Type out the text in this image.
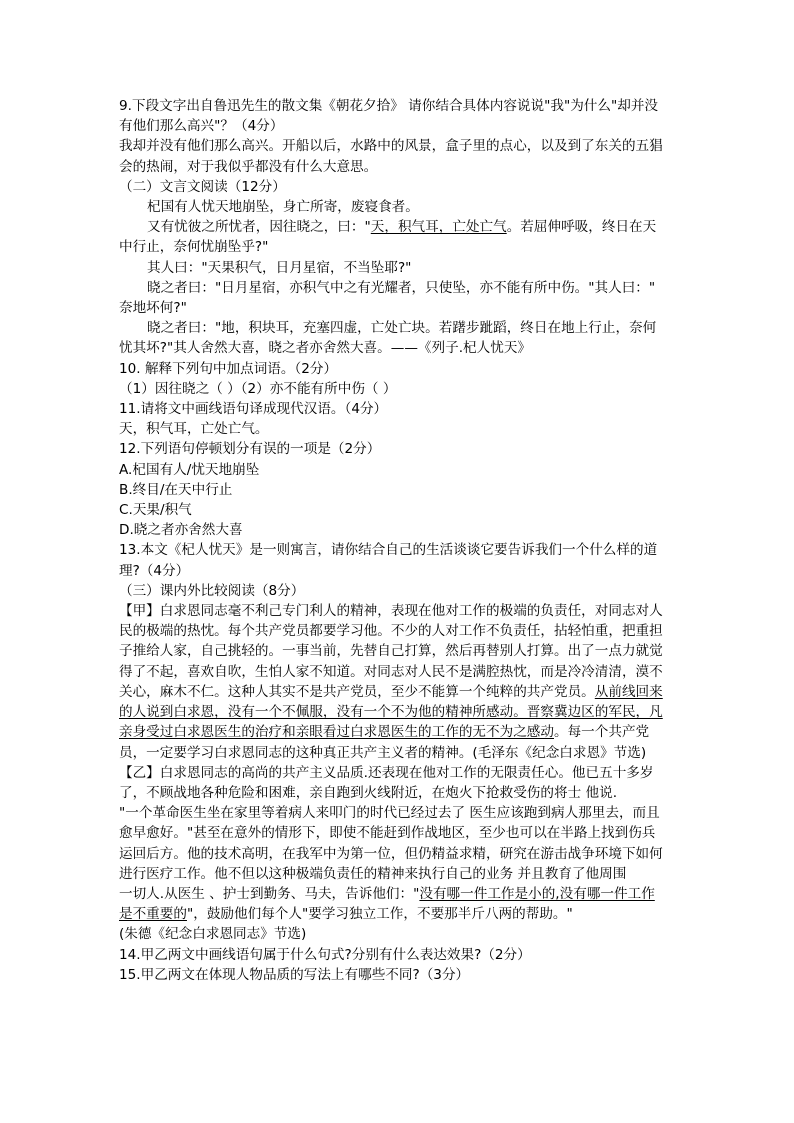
9.下段文字出自鲁迅先生的散文集《朝花夕拾》 请你结合具体内容说说"我"为什么"却并没

有他们那么高兴"？（4分）

我却并没有他们那么高兴。开船以后，水路中的风景，盒子里的点心，以及到了东关的五猖

会的热闹，对于我似乎都没有什么大意思。

（二）文言文阅读（12分）

杞国有人忧天地崩坠，身亡所寄，废寝食者。

又有忧彼之所忧者，因往晓之，曰："天，积气耳，亡处亡气。若屈伸呼吸，终日在天

中行止，奈何忧崩坠乎?"

其人曰："天果积气，日月星宿，不当坠耶?"

晓之者曰："日月星宿，亦积气中之有光耀者，只使坠，亦不能有所中伤。"其人曰："

奈地坏何?"

晓之者曰："地，积块耳，充塞四虚，亡处亡块。若躇步跐蹈，终日在地上行止，奈何

忧其坏?"其人舍然大喜，晓之者亦舍然大喜。——《列子.杞人忧天》

10. 解释下列句中加点词语。（2分）

（1）因往晓之（ ）（2）亦不能有所中伤（ ）

11.请将文中画线语句译成现代汉语。（4分）

天，积气耳，亡处亡气。

12.下列语句停顿划分有误的一项是（2分）

A.杞国有人/忧天地崩坠

B.终目/在天中行止

C.天果/积气

D.晓之者亦舍然大喜

13.本文《杞人忧天》是一则寓言，请你结合自己的生活谈谈它要告诉我们一个什么样的道

理?（4分）

（三）课内外比较阅读（8分）

【甲】白求恩同志毫不利己专门利人的精神，表现在他对工作的极端的负责任，对同志对人

民的极端的热忱。每个共产党员都要学习他。不少的人对工作不负责任，拈轻怕重，把重担

子推给人家，自己挑轻的。一事当前，先替自己打算，然后再替别人打算。出了一点力就觉

得了不起，喜欢自吹，生怕人家不知道。对同志对人民不是满腔热忱，而是冷冷清清，漠不

关心，麻木不仁。这种人其实不是共产党员，至少不能算一个纯粹的共产党员。从前线回来

的人说到白求恩，没有一个不佩服，没有一个不为他的精神所感动。晋察冀边区的军民，凡

亲身受过白求恩医生的治疗和亲眼看过白求恩医生的工作的无不为之感动。每一个共产党

员，一定要学习白求恩同志的这种真正共产主义者的精神。(毛泽东《纪念白求恩》节选)

【乙】白求恩同志的高尚的共产主义品质.还表现在他对工作的无限责任心。他已五十多岁

了，不顾战地各种危险和困难，亲自跑到火线附近，在炮火下抢救受伤的将士 他说.

"一个革命医生坐在家里等着病人来叩门的时代已经过去了 医生应该跑到病人那里去，而且

愈早愈好。"甚至在意外的情形下，即使不能赶到作战地区，至少也可以在半路上找到伤兵

运回后方。他的技术高明，在我军中为第一位，但仍精益求精，研究在游击战争环境下如何

进行医疗工作。他不但以这种极端负责任的精神来执行自己的业务 并且教育了他周围

一切人.从医生 、护士到勤务、马夫，告诉他们："没有哪一件工作是小的,没有哪一件工作

是不重要的"，鼓励他们每个人"要学习独立工作，不要那半斤八两的帮助。"

(朱德《纪念白求恩同志》节选)

14.甲乙两文中画线语句属于什么句式?分别有什么表达效果?（2分）

15.甲乙两文在体现人物品质的写法上有哪些不同?（3分）
